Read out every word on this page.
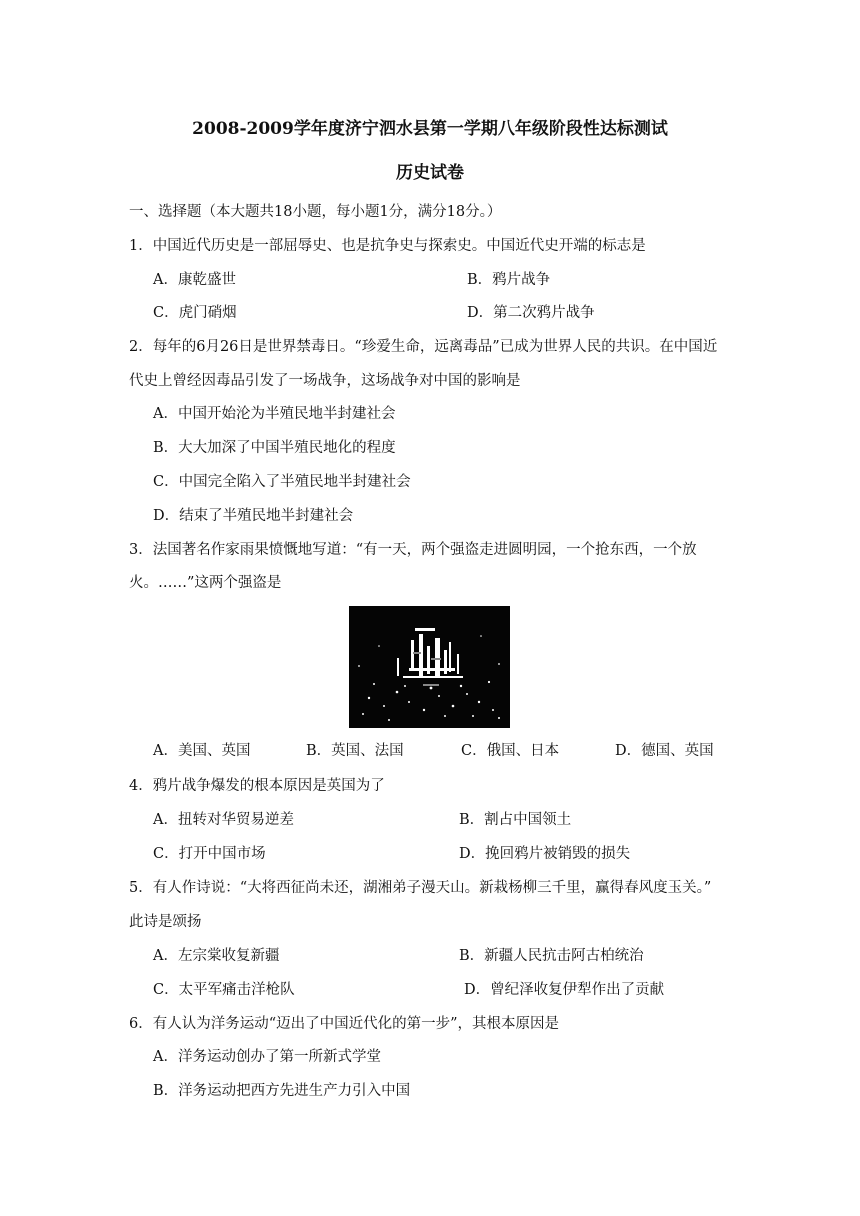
2008-2009学年度济宁泗水县第一学期八年级阶段性达标测试
历史试卷
一、选择题（本大题共18小题，每小题1分，满分18分。）
1．中国近代历史是一部屈辱史、也是抗争史与探索史。中国近代史开端的标志是
A．康乾盛世	B．鸦片战争
C．虎门硝烟	D．第二次鸦片战争
2．每年的6月26日是世界禁毒日。“珍爱生命，远离毒品”已成为世界人民的共识。在中国近
代史上曾经因毒品引发了一场战争，这场战争对中国的影响是
A．中国开始沦为半殖民地半封建社会
B．大大加深了中国半殖民地化的程度
C．中国完全陷入了半殖民地半封建社会
D．结束了半殖民地半封建社会
3．法国著名作家雨果愤慨地写道：“有一天，两个强盗走进圆明园，一个抢东西，一个放
火。……”这两个强盗是
A．美国、英国	B．英国、法国	C．俄国、日本	D．德国、英国
4．鸦片战争爆发的根本原因是英国为了
A．扭转对华贸易逆差	B．割占中国领土
C．打开中国市场	D．挽回鸦片被销毁的损失
5．有人作诗说：“大将西征尚未还，湖湘弟子漫天山。新栽杨柳三千里，赢得春风度玉关。”
此诗是颂扬
A．左宗棠收复新疆	B．新疆人民抗击阿古柏统治
C．太平军痛击洋枪队	D．曾纪泽收复伊犁作出了贡献
6．有人认为洋务运动“迈出了中国近代化的第一步”，其根本原因是
A．洋务运动创办了第一所新式学堂
B．洋务运动把西方先进生产力引入中国
